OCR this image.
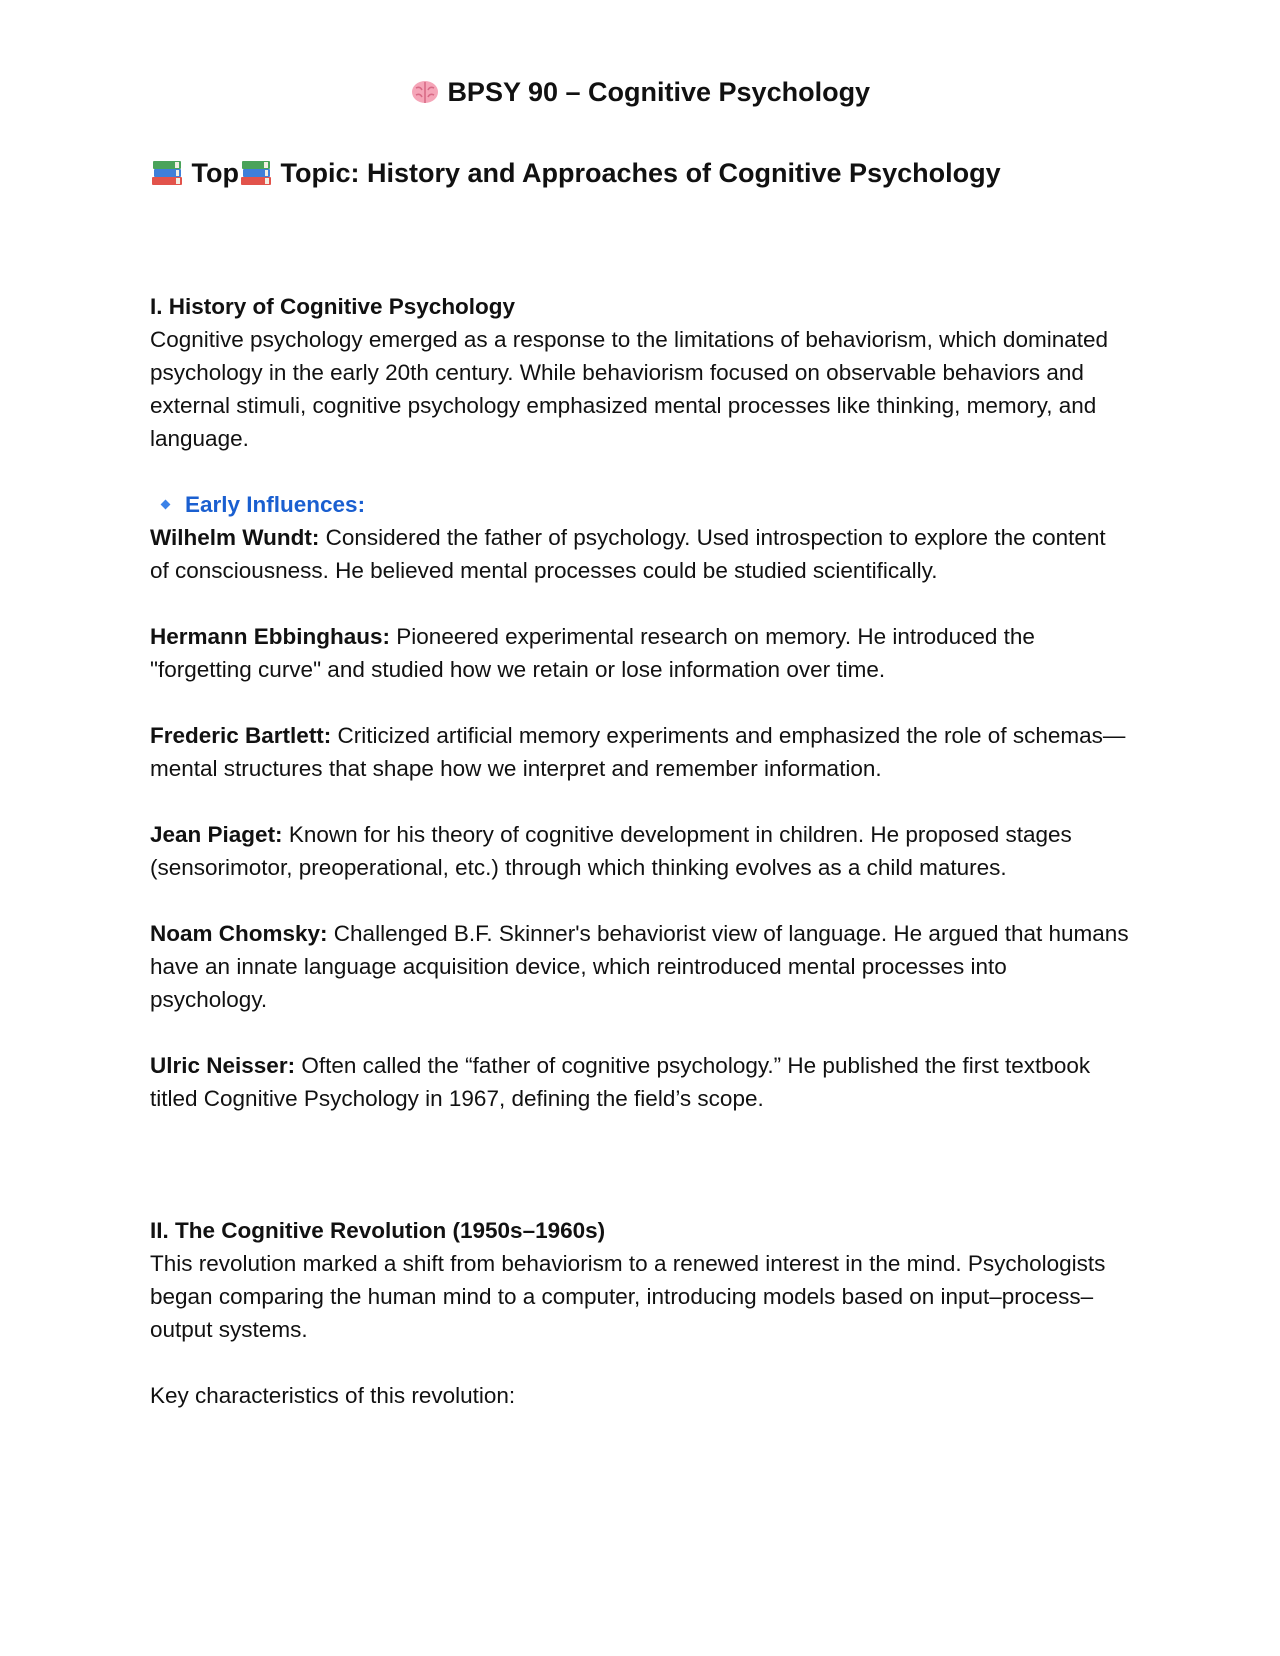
BPSY 90 – Cognitive Psychology
Top Topic: History and Approaches of Cognitive Psychology
I. History of Cognitive Psychology

Cognitive psychology emerged as a response to the limitations of behaviorism, which dominated psychology in the early 20th century. While behaviorism focused on observable behaviors and external stimuli, cognitive psychology emphasized mental processes like thinking, memory, and language.

Early Influences:

Wilhelm Wundt: Considered the father of psychology. Used introspection to explore the content of consciousness. He believed mental processes could be studied scientifically.

Hermann Ebbinghaus: Pioneered experimental research on memory. He introduced the "forgetting curve" and studied how we retain or lose information over time.

Frederic Bartlett: Criticized artificial memory experiments and emphasized the role of schemas—mental structures that shape how we interpret and remember information.

Jean Piaget: Known for his theory of cognitive development in children. He proposed stages (sensorimotor, preoperational, etc.) through which thinking evolves as a child matures.

Noam Chomsky: Challenged B.F. Skinner's behaviorist view of language. He argued that humans have an innate language acquisition device, which reintroduced mental processes into psychology.

Ulric Neisser: Often called the “father of cognitive psychology.” He published the first textbook titled Cognitive Psychology in 1967, defining the field’s scope.

II. The Cognitive Revolution (1950s–1960s)

This revolution marked a shift from behaviorism to a renewed interest in the mind. Psychologists began comparing the human mind to a computer, introducing models based on input–process–output systems.

Key characteristics of this revolution:
